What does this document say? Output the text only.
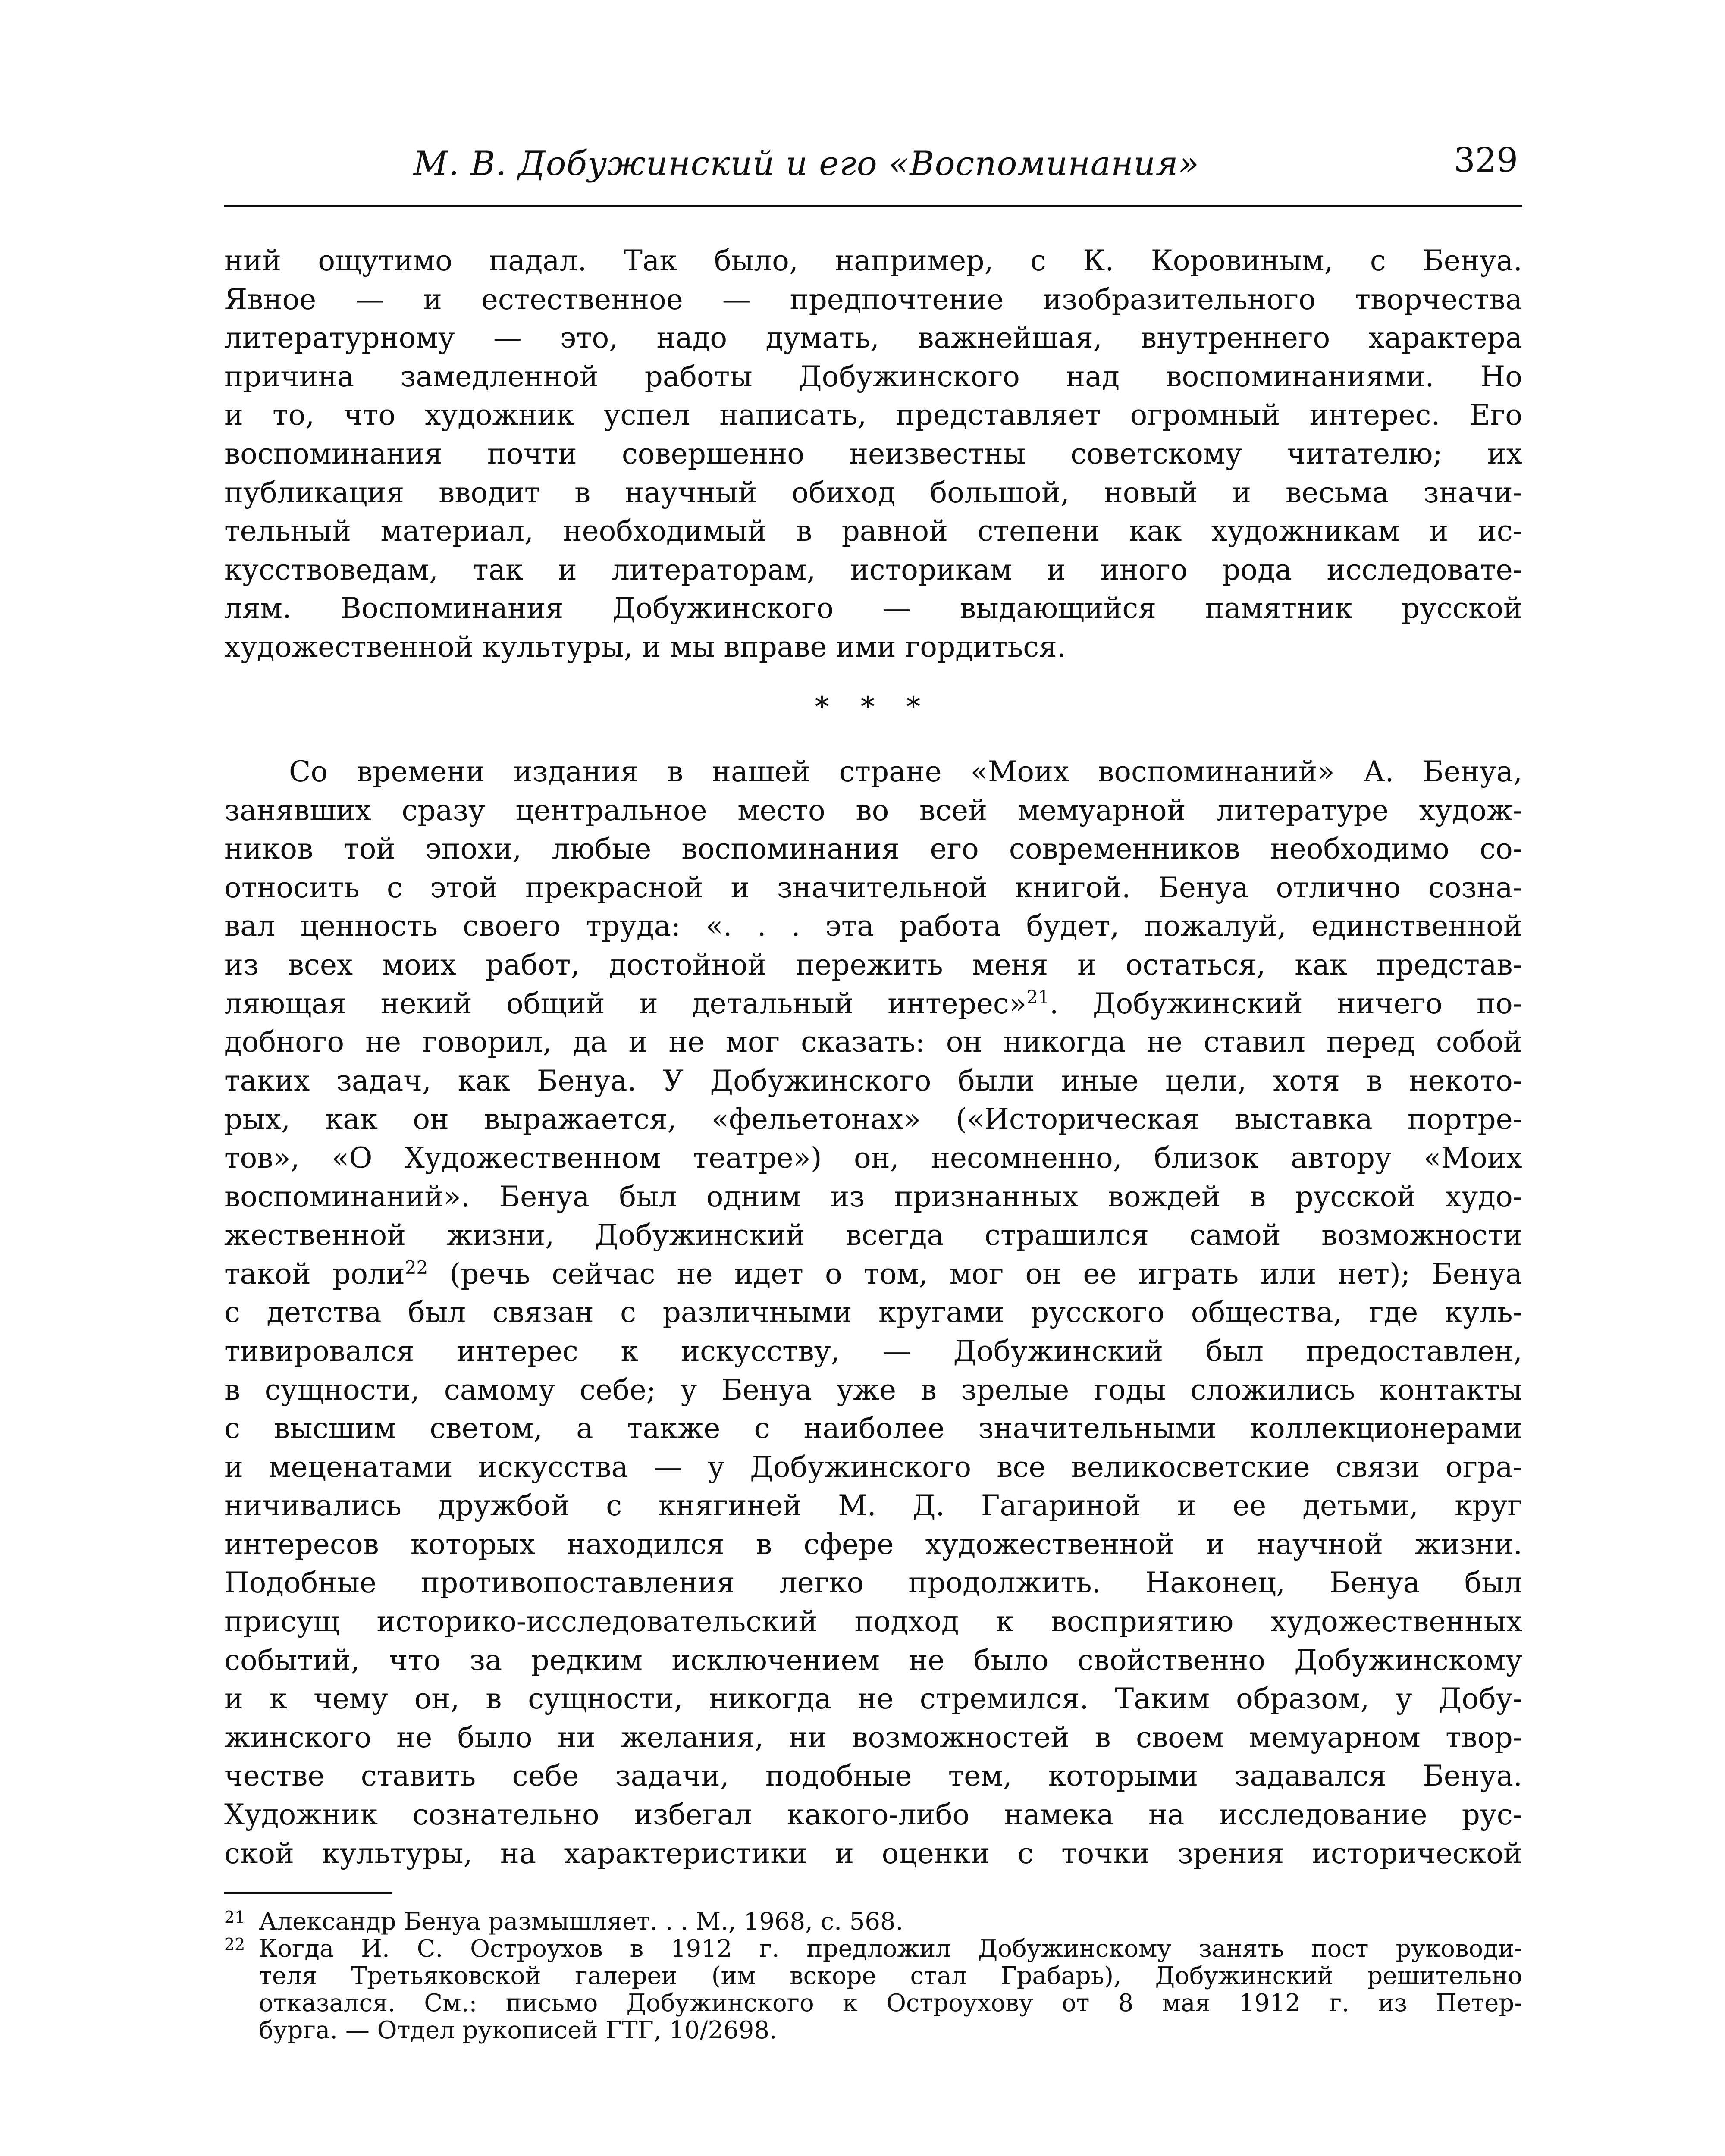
М. В. Добужинский и его «Воспоминания»	329
ний ощутимо падал. Так было, например, с К. Коровиным, с Бенуа.
Явное — и естественное — предпочтение изобразительного творчества
литературному — это, надо думать, важнейшая, внутреннего характера
причина замедленной работы Добужинского над воспоминаниями. Но
и то, что художник успел написать, представляет огромный интерес. Его
воспоминания почти совершенно неизвестны советскому читателю; их
публикация вводит в научный обиход большой, новый и весьма значи-
тельный материал, необходимый в равной степени как художникам и ис-
кусствоведам, так и литераторам, историкам и иного рода исследовате-
лям. Воспоминания Добужинского — выдающийся памятник русской
художественной культуры, и мы вправе ими гордиться.
* * *
Со времени издания в нашей стране «Моих воспоминаний» А. Бенуа,
занявших сразу центральное место во всей мемуарной литературе худож-
ников той эпохи, любые воспоминания его современников необходимо со-
относить с этой прекрасной и значительной книгой. Бенуа отлично созна-
вал ценность своего труда: «. . . эта работа будет, пожалуй, единственной
из всех моих работ, достойной пережить меня и остаться, как представ-
ляющая некий общий и детальный интерес»$^{21}$. Добужинский ничего по-
добного не говорил, да и не мог сказать: он никогда не ставил перед собой
таких задач, как Бенуа. У Добужинского были иные цели, хотя в некото-
рых, как он выражается, «фельетонах» («Историческая выставка портре-
тов», «О Художественном театре») он, несомненно, близок автору «Моих
воспоминаний». Бенуа был одним из признанных вождей в русской худо-
жественной жизни, Добужинский всегда страшился самой возможности
такой роли$^{22}$ (речь сейчас не идет о том, мог он ее играть или нет); Бенуа
с детства был связан с различными кругами русского общества, где куль-
тивировался интерес к искусству, — Добужинский был предоставлен,
в сущности, самому себе; у Бенуа уже в зрелые годы сложились контакты
с высшим светом, а также с наиболее значительными коллекционерами
и меценатами искусства — у Добужинского все великосветские связи огра-
ничивались дружбой с княгиней М. Д. Гагариной и ее детьми, круг
интересов которых находился в сфере художественной и научной жизни.
Подобные противопоставления легко продолжить. Наконец, Бенуа был
присущ историко-исследовательский подход к восприятию художественных
событий, что за редким исключением не было свойственно Добужинскому
и к чему он, в сущности, никогда не стремился. Таким образом, у Добу-
жинского не было ни желания, ни возможностей в своем мемуарном твор-
честве ставить себе задачи, подобные тем, которыми задавался Бенуа.
Художник сознательно избегал какого-либо намека на исследование рус-
ской культуры, на характеристики и оценки с точки зрения исторической
21 Александр Бенуа размышляет. . . М., 1968, с. 568.
22 Когда И. С. Остроухов в 1912 г. предложил Добужинскому занять пост руководи-
теля Третьяковской галереи (им вскоре стал Грабарь), Добужинский решительно
отказался. См.: письмо Добужинского к Остроухову от 8 мая 1912 г. из Петер-
бурга. — Отдел рукописей ГТГ, 10/2698.
